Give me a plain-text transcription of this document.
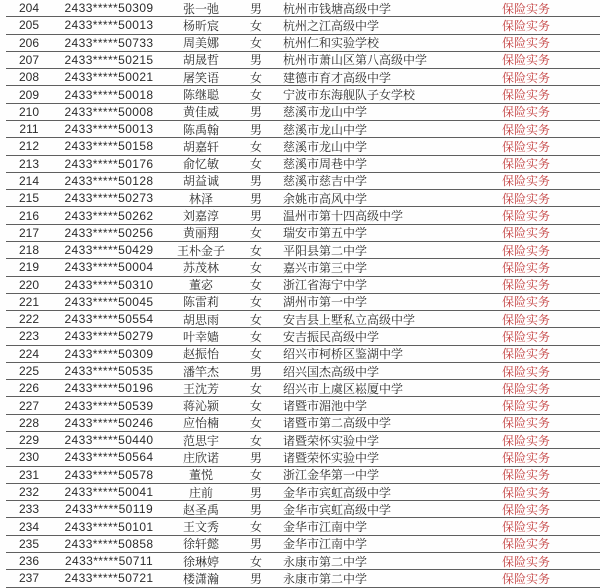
204	2433*****50309	张一弛	男	杭州市钱塘高级中学	保险实务
205	2433*****50013	杨昕宸	女	杭州之江高级中学	保险实务
206	2433*****50733	周美娜	女	杭州仁和实验学校	保险实务
207	2433*****50215	胡晟哲	男	杭州市萧山区第八高级中学	保险实务
208	2433*****50021	屠笑语	女	建德市育才高级中学	保险实务
209	2433*****50018	陈继聪	女	宁波市东海舰队子女学校	保险实务
210	2433*****50008	黄佳威	男	慈溪市龙山中学	保险实务
211	2433*****50013	陈禹翰	男	慈溪市龙山中学	保险实务
212	2433*****50158	胡嘉轩	女	慈溪市龙山中学	保险实务
213	2433*****50176	俞忆敏	女	慈溪市周巷中学	保险实务
214	2433*****50128	胡益诚	男	慈溪市慈吉中学	保险实务
215	2433*****50273	林泽	男	余姚市高风中学	保险实务
216	2433*****50262	刘嘉淳	男	温州市第十四高级中学	保险实务
217	2433*****50256	黄丽翔	女	瑞安市第五中学	保险实务
218	2433*****50429	王朴金子	女	平阳县第二中学	保险实务
219	2433*****50004	苏茂林	女	嘉兴市第三中学	保险实务
220	2433*****50310	董宓	女	浙江省海宁中学	保险实务
221	2433*****50045	陈雷莉	女	湖州市第一中学	保险实务
222	2433*****50554	胡思雨	女	安吉县上墅私立高级中学	保险实务
223	2433*****50279	叶幸嫱	女	安吉振民高级中学	保险实务
224	2433*****50309	赵振怡	女	绍兴市柯桥区鉴湖中学	保险实务
225	2433*****50535	潘竿杰	男	绍兴国杰高级中学	保险实务
226	2433*****50196	王沈芳	女	绍兴市上虞区崧厦中学	保险实务
227	2433*****50539	蒋沁颍	女	诸暨市湄池中学	保险实务
228	2433*****50246	应怡楠	女	诸暨市第二高级中学	保险实务
229	2433*****50440	范思宇	女	诸暨荣怀实验中学	保险实务
230	2433*****50564	庄欣诺	男	诸暨荣怀实验中学	保险实务
231	2433*****50578	董悦	女	浙江金华第一中学	保险实务
232	2433*****50041	庄前	男	金华市宾虹高级中学	保险实务
233	2433*****50119	赵圣禹	男	金华市宾虹高级中学	保险实务
234	2433*****50101	王文秀	女	金华市江南中学	保险实务
235	2433*****50858	徐轩懿	男	金华市江南中学	保险实务
236	2433*****50711	徐琳婷	女	永康市第二中学	保险实务
237	2433*****50721	楼潇瀚	男	永康市第二中学	保险实务
